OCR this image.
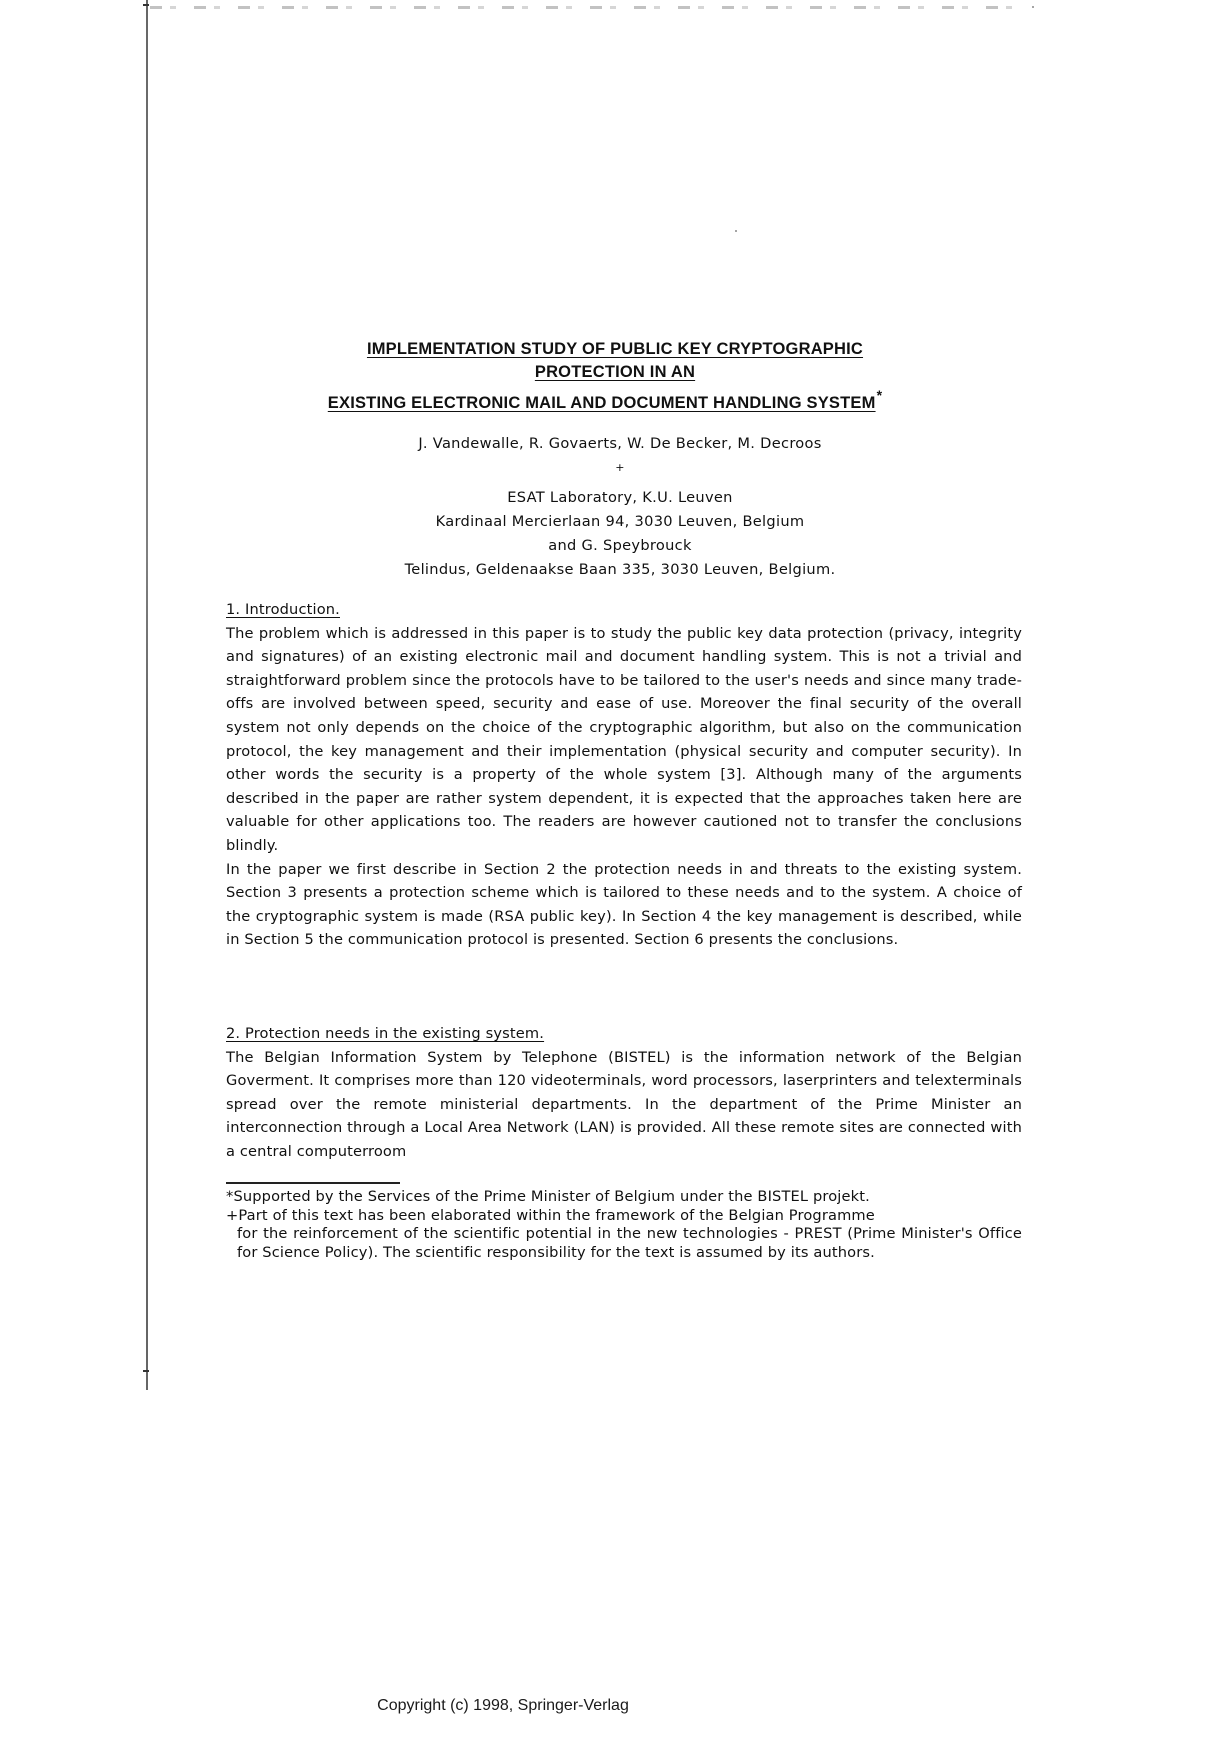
IMPLEMENTATION STUDY OF PUBLIC KEY CRYPTOGRAPHIC
PROTECTION IN AN
EXISTING ELECTRONIC MAIL AND DOCUMENT HANDLING SYSTEM*
J. Vandewalle, R. Govaerts, W. De Becker, M. Decroos
+
ESAT Laboratory, K.U. Leuven
Kardinaal Mercierlaan 94, 3030 Leuven, Belgium
and G. Speybrouck
Telindus, Geldenaakse Baan 335, 3030 Leuven, Belgium.
1. Introduction.

The problem which is addressed in this paper is to study the public key data protection (privacy, integrity and signatures) of an existing electronic mail and document handling system. This is not a trivial and straightforward problem since the protocols have to be tailored to the user's needs and since many trade-offs are involved between speed, security and ease of use. Moreover the final security of the overall system not only depends on the choice of the cryptographic algorithm, but also on the communication protocol, the key management and their implementation (physical security and computer security). In other words the security is a property of the whole system [3]. Although many of the arguments described in the paper are rather system dependent, it is expected that the approaches taken here are valuable for other applications too. The readers are however cautioned not to transfer the conclusions blindly.

In the paper we first describe in Section 2 the protection needs in and threats to the existing system. Section 3 presents a protection scheme which is tailored to these needs and to the system. A choice of the cryptographic system is made (RSA public key). In Section 4 the key management is described, while in Section 5 the communication protocol is presented. Section 6 presents the conclusions.

2. Protection needs in the existing system.

The Belgian Information System by Telephone (BISTEL) is the information network of the Belgian Goverment. It comprises more than 120 videoterminals, word processors, laserprinters and telexterminals spread over the remote ministerial departments. In the department of the Prime Minister an interconnection through a Local Area Network (LAN) is provided. All these remote sites are connected with a central computerroom

*Supported by the Services of the Prime Minister of Belgium under the BISTEL projekt.
+Part of this text has been elaborated within the framework of the Belgian Programme
for the reinforcement of the scientific potential in the new technologies - PREST (Prime Minister's Office for Science Policy). The scientific responsibility for the text is assumed by its authors.
Copyright (c) 1998, Springer-Verlag
